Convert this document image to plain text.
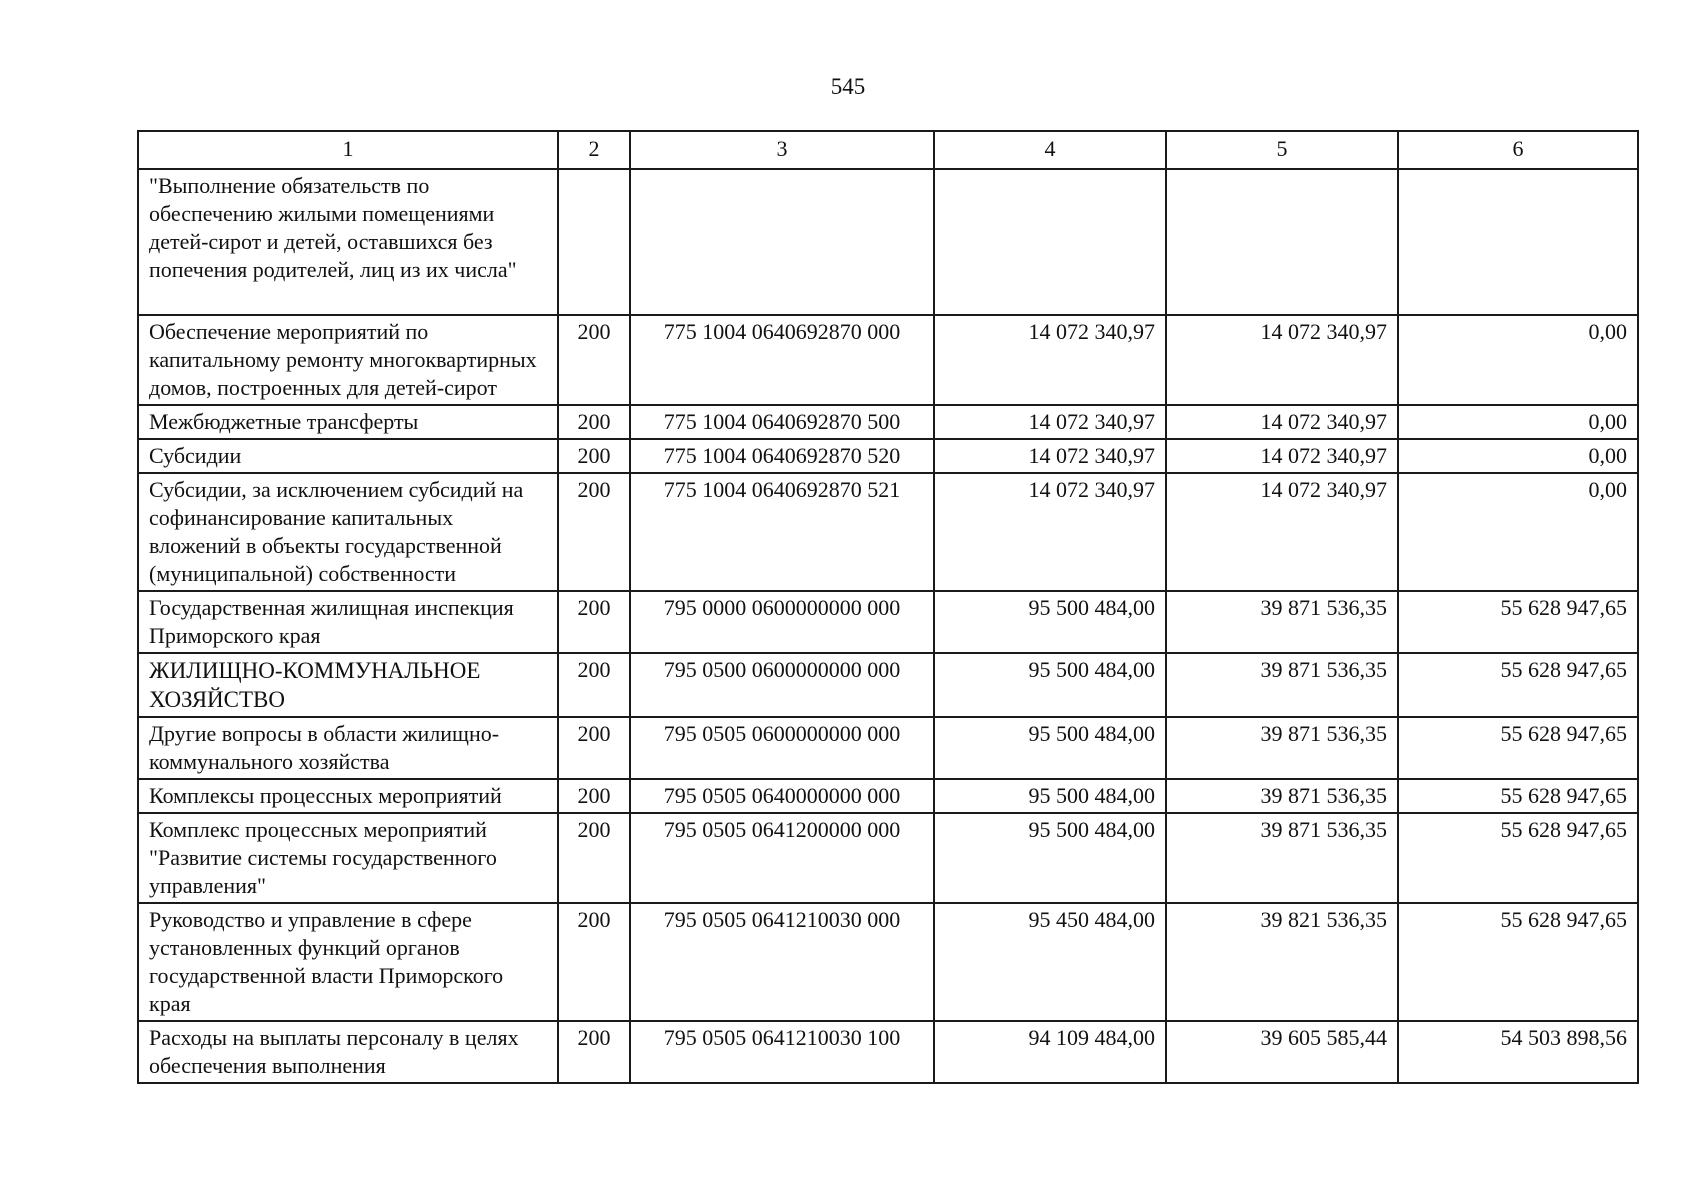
545
1	2	3	4	5	6
"Выполнение обязательств по обеспечению жилыми помещениями детей-сирот и детей, оставшихся без попечения родителей, лиц из их числа"					
Обеспечение мероприятий по капитальному ремонту многоквартирных домов, построенных для детей-сирот	200	775 1004 0640692870 000	14 072 340,97	14 072 340,97	0,00
Межбюджетные трансферты	200	775 1004 0640692870 500	14 072 340,97	14 072 340,97	0,00
Субсидии	200	775 1004 0640692870 520	14 072 340,97	14 072 340,97	0,00
Субсидии, за исключением субсидий на софинансирование капитальных вложений в объекты государственной (муниципальной) собственности	200	775 1004 0640692870 521	14 072 340,97	14 072 340,97	0,00
Государственная жилищная инспекция Приморского края	200	795 0000 0600000000 000	95 500 484,00	39 871 536,35	55 628 947,65
ЖИЛИЩНО-КОММУНАЛЬНОЕ ХОЗЯЙСТВО	200	795 0500 0600000000 000	95 500 484,00	39 871 536,35	55 628 947,65
Другие вопросы в области жилищно-коммунального хозяйства	200	795 0505 0600000000 000	95 500 484,00	39 871 536,35	55 628 947,65
Комплексы процессных мероприятий	200	795 0505 0640000000 000	95 500 484,00	39 871 536,35	55 628 947,65
Комплекс процессных мероприятий "Развитие системы государственного управления"	200	795 0505 0641200000 000	95 500 484,00	39 871 536,35	55 628 947,65
Руководство и управление в сфере установленных функций органов государственной власти Приморского края	200	795 0505 0641210030 000	95 450 484,00	39 821 536,35	55 628 947,65
Расходы на выплаты персоналу в целях обеспечения выполнения	200	795 0505 0641210030 100	94 109 484,00	39 605 585,44	54 503 898,56
